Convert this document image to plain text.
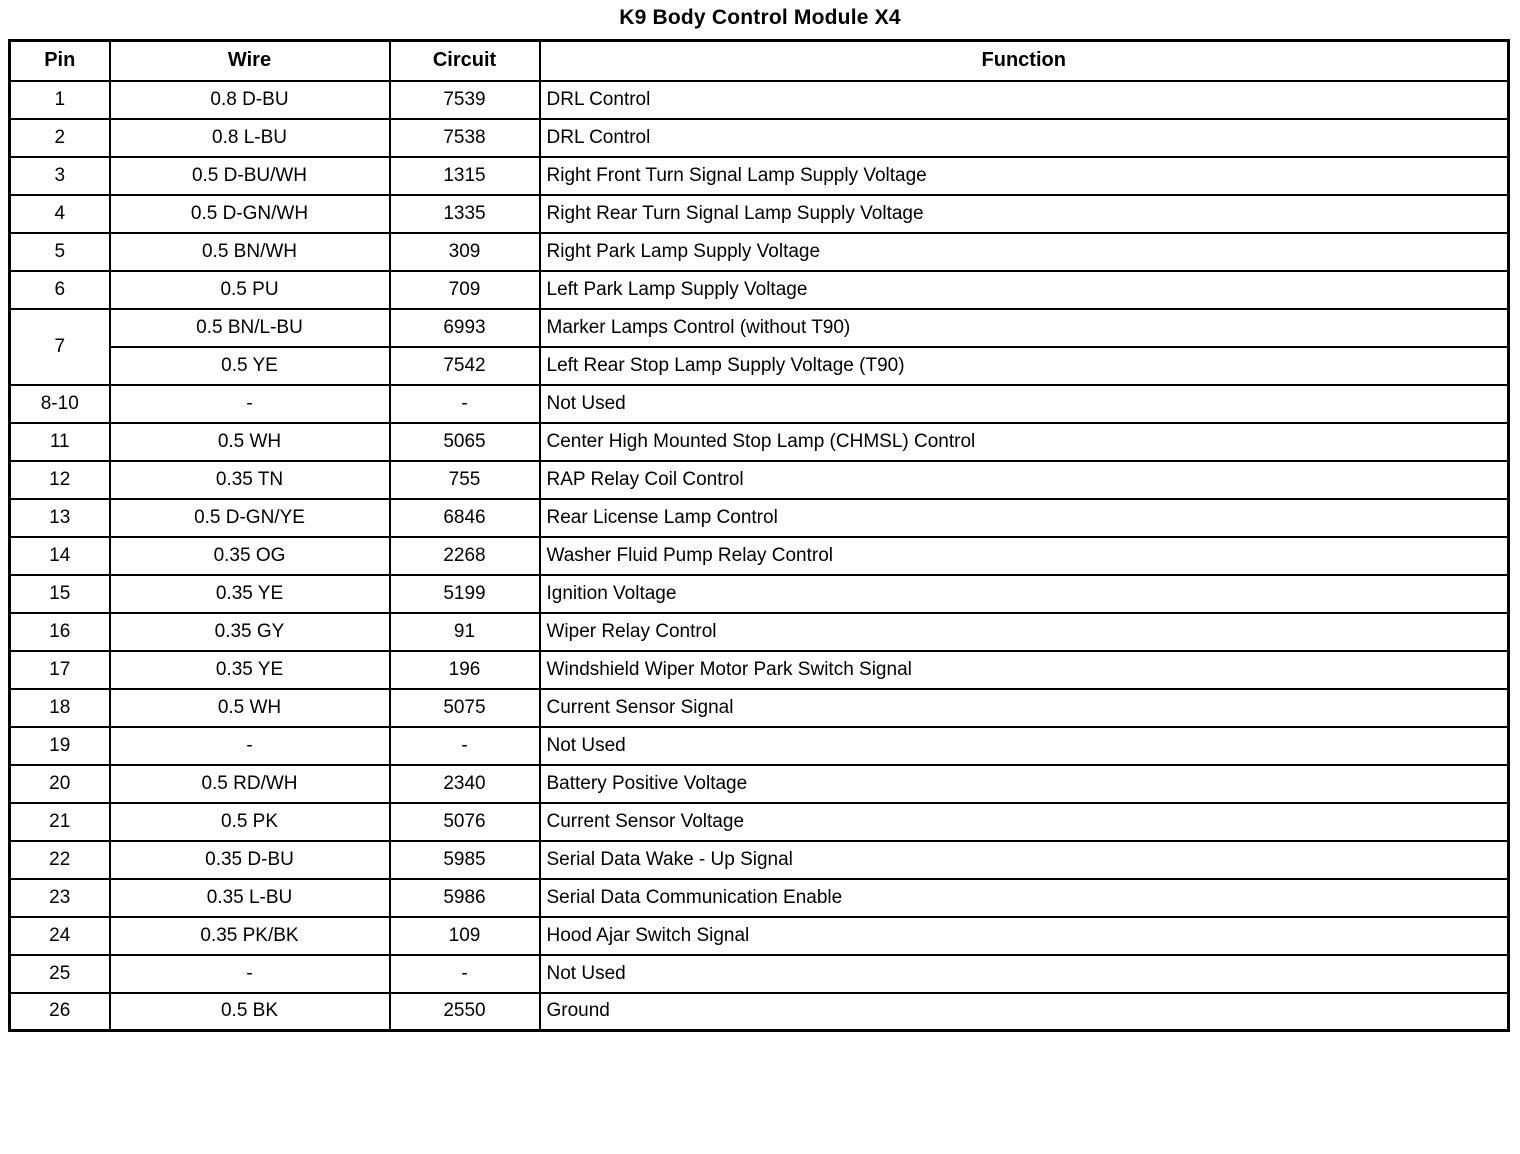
K9 Body Control Module X4
Pin	Wire	Circuit	Function
1	0.8 D-BU	7539	DRL Control
2	0.8 L-BU	7538	DRL Control
3	0.5 D-BU/WH	1315	Right Front Turn Signal Lamp Supply Voltage
4	0.5 D-GN/WH	1335	Right Rear Turn Signal Lamp Supply Voltage
5	0.5 BN/WH	309	Right Park Lamp Supply Voltage
6	0.5 PU	709	Left Park Lamp Supply Voltage
7	0.5 BN/L-BU	6993	Marker Lamps Control (without T90)
	0.5 YE	7542	Left Rear Stop Lamp Supply Voltage (T90)
8-10	-	-	Not Used
11	0.5 WH	5065	Center High Mounted Stop Lamp (CHMSL) Control
12	0.35 TN	755	RAP Relay Coil Control
13	0.5 D-GN/YE	6846	Rear License Lamp Control
14	0.35 OG	2268	Washer Fluid Pump Relay Control
15	0.35 YE	5199	Ignition Voltage
16	0.35 GY	91	Wiper Relay Control
17	0.35 YE	196	Windshield Wiper Motor Park Switch Signal
18	0.5 WH	5075	Current Sensor Signal
19	-	-	Not Used
20	0.5 RD/WH	2340	Battery Positive Voltage
21	0.5 PK	5076	Current Sensor Voltage
22	0.35 D-BU	5985	Serial Data Wake - Up Signal
23	0.35 L-BU	5986	Serial Data Communication Enable
24	0.35 PK/BK	109	Hood Ajar Switch Signal
25	-	-	Not Used
26	0.5 BK	2550	Ground
